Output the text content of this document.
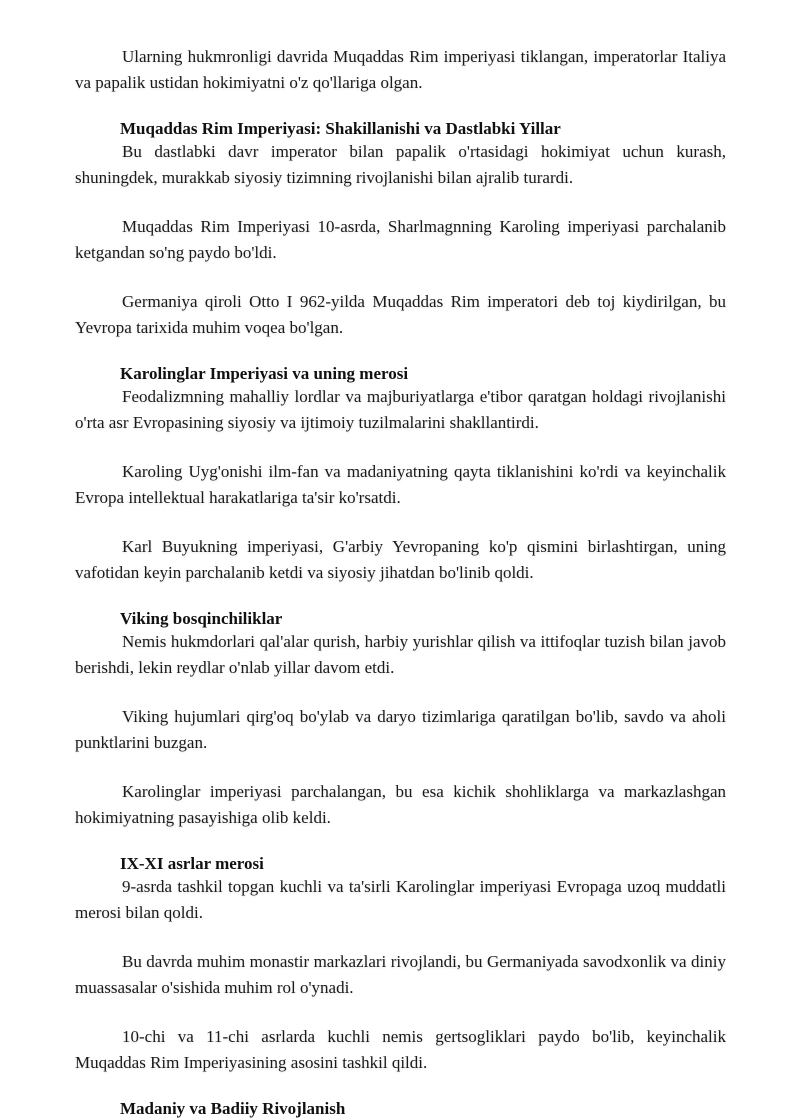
Ularning hukmronligi davrida Muqaddas Rim imperiyasi tiklangan, imperatorlar Italiya va papalik ustidan hokimiyatni o'z qo'llariga olgan.

Muqaddas Rim Imperiyasi: Shakillanishi va Dastlabki Yillar

Bu dastlabki davr imperator bilan papalik o'rtasidagi hokimiyat uchun kurash, shuningdek, murakkab siyosiy tizimning rivojlanishi bilan ajralib turardi.

Muqaddas Rim Imperiyasi 10-asrda, Sharlmagnning Karoling imperiyasi parchalanib ketgandan so'ng paydo bo'ldi.

Germaniya qiroli Otto I 962-yilda Muqaddas Rim imperatori deb toj kiydirilgan, bu Yevropa tarixida muhim voqea bo'lgan.

Karolinglar Imperiyasi va uning merosi

Feodalizmning mahalliy lordlar va majburiyatlarga e'tibor qaratgan holdagi rivojlanishi o'rta asr Evropasining siyosiy va ijtimoiy tuzilmalarini shakllantirdi.

Karoling Uyg'onishi ilm-fan va madaniyatning qayta tiklanishini ko'rdi va keyinchalik Evropa intellektual harakatlariga ta'sir ko'rsatdi.

Karl Buyukning imperiyasi, G'arbiy Yevropaning ko'p qismini birlashtirgan, uning vafotidan keyin parchalanib ketdi va siyosiy jihatdan bo'linib qoldi.

Viking bosqinchiliklar

Nemis hukmdorlari qal'alar qurish, harbiy yurishlar qilish va ittifoqlar tuzish bilan javob berishdi, lekin reydlar o'nlab yillar davom etdi.

Viking hujumlari qirg'oq bo'ylab va daryo tizimlariga qaratilgan bo'lib, savdo va aholi punktlarini buzgan.

Karolinglar imperiyasi parchalangan, bu esa kichik shohliklarga va markazlashgan hokimiyatning pasayishiga olib keldi.

IX-XI asrlar merosi

9-asrda tashkil topgan kuchli va ta'sirli Karolinglar imperiyasi Evropaga uzoq muddatli merosi bilan qoldi.

Bu davrda muhim monastir markazlari rivojlandi, bu Germaniyada savodxonlik va diniy muassasalar o'sishida muhim rol o'ynadi.

10-chi va 11-chi asrlarda kuchli nemis gertsogliklari paydo bo'lib, keyinchalik Muqaddas Rim Imperiyasining asosini tashkil qildi.

Madaniy va Badiiy Rivojlanish
